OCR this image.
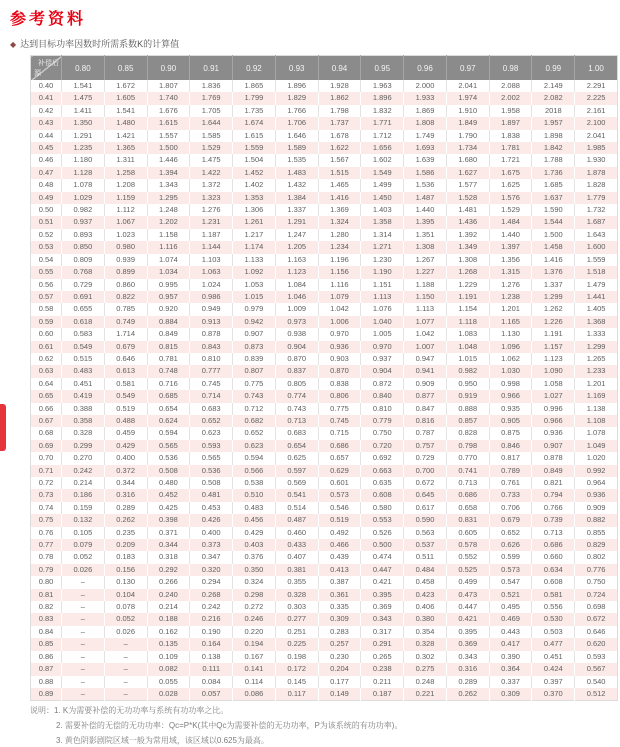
参考资料
◆ 达到目标功率因数时所需系数K的计算值
补偿后
源	0.80	0.85	0.90	0.91	0.92	0.93	0.94	0.95	0.96	0.97	0.98	0.99	1.00
0.40	1.541	1.672	1.807	1.836	1.865	1.896	1.928	1.963	2.000	2.041	2.088	2.149	2.291
0.41	1.475	1.605	1.740	1.769	1.799	1.829	1.862	1.896	1.933	1.974	2.002	2.082	2.225
0.42	1.411	1.541	1.676	1.705	1.735	1.766	1.798	1.832	1.869	1.910	1.958	2018	2.161
0.43	1.350	1.480	1.615	1.644	1.674	1.706	1.737	1.771	1.808	1.849	1.897	1.957	2.100
0.44	1.291	1.421	1.557	1.585	1.615	1.646	1.678	1.712	1.749	1.790	1.838	1.898	2.041
0.45	1.235	1.365	1.500	1.529	1.559	1.589	1.622	1.656	1.693	1.734	1.781	1.842	1.985
0.46	1.180	1.311	1.446	1.475	1.504	1.535	1.567	1.602	1.639	1.680	1.721	1.788	1.930
0.47	1.128	1.258	1.394	1.422	1.452	1.483	1.515	1.549	1.586	1.627	1.675	1.736	1.878
0.48	1.078	1.208	1.343	1.372	1.402	1.432	1.465	1.499	1.536	1.577	1.625	1.685	1.828
0.49	1.029	1.159	1.295	1.323	1.353	1.384	1.416	1.450	1.487	1.528	1.576	1.637	1.779
0.50	0.982	1.112	1.248	1.276	1.306	1.337	1.369	1.403	1.440	1.481	1.529	1.590	1.732
0.51	0.937	1.067	1.202	1.231	1.261	1.291	1.324	1.358	1.395	1.436	1.484	1.544	1.687
0.52	0.893	1.023	1.158	1.187	1.217	1.247	1.280	1.314	1.351	1.392	1.440	1.500	1.643
0.53	0.850	0.980	1.116	1.144	1.174	1.205	1.234	1.271	1.308	1.349	1.397	1.458	1.600
0.54	0.809	0.939	1.074	1.103	1.133	1.163	1.196	1.230	1.267	1.308	1.356	1.416	1.559
0.55	0.768	0.899	1.034	1.063	1.092	1.123	1.156	1.190	1.227	1.268	1.315	1.376	1.518
0.56	0.729	0.860	0.995	1.024	1.053	1.084	1.116	1.151	1.188	1.229	1.276	1.337	1.479
0.57	0.691	0.822	0.957	0.986	1.015	1.046	1.079	1.113	1.150	1.191	1.238	1.299	1.441
0.58	0.655	0.785	0.920	0.949	0.979	1.009	1.042	1.076	1.113	1.154	1.201	1.262	1.405
0.59	0.618	0.749	0.884	0.913	0.942	0.973	1.006	1.040	1.077	1.118	1.165	1.226	1.368
0.60	0.583	1.714	0.849	0.878	0.907	0.938	0.970	1.005	1.042	1.083	1.130	1.191	1.333
0.61	0.549	0.679	0.815	0.843	0.873	0.904	0.936	0.970	1.007	1.048	1.096	1.157	1.299
0.62	0.515	0.646	0.781	0.810	0.839	0.870	0.903	0.937	0.947	1.015	1.062	1.123	1.265
0.63	0.483	0.613	0.748	0.777	0.807	0.837	0.870	0.904	0.941	0.982	1.030	1.090	1.233
0.64	0.451	0.581	0.716	0.745	0.775	0.805	0.838	0.872	0.909	0.950	0.998	1.058	1.201
0.65	0.419	0.549	0.685	0.714	0.743	0.774	0.806	0.840	0.877	0.919	0.966	1.027	1.169
0.66	0.388	0.519	0.654	0.683	0.712	0.743	0.775	0.810	0.847	0.888	0.935	0.996	1.138
0.67	0.358	0.488	0.624	0.652	0.682	0.713	0.745	0.779	0.816	0.857	0.905	0.966	1.108
0.68	0.328	0.459	0.594	0.623	0.652	0.683	0.715	0.750	0.787	0.828	0.875	0.936	1.078
0.69	0.299	0.429	0.565	0.593	0.623	0.654	0.686	0.720	0.757	0.798	0.846	0.907	1.049
0.70	0.270	0.400	0.536	0.565	0.594	0.625	0.657	0.692	0.729	0.770	0.817	0.878	1.020
0.71	0.242	0.372	0.508	0.536	0.566	0.597	0.629	0.663	0.700	0.741	0.789	0.849	0.992
0.72	0.214	0.344	0.480	0.508	0.538	0.569	0.601	0.635	0.672	0.713	0.761	0.821	0.964
0.73	0.186	0.316	0.452	0.481	0.510	0.541	0.573	0.608	0.645	0.686	0.733	0.794	0.936
0.74	0.159	0.289	0.425	0.453	0.483	0.514	0.546	0.580	0.617	0.658	0.706	0.766	0.909
0.75	0.132	0.262	0.398	0.426	0.456	0.487	0.519	0.553	0.590	0.831	0.679	0.739	0.882
0.76	0.105	0.235	0.371	0.400	0.429	0.460	0.492	0.526	0.563	0.605	0.652	0.713	0.855
0.77	0.079	0.209	0.344	0.373	0.403	0.433	0.466	0.500	0.537	0.578	0.626	0.686	0.829
0.78	0.052	0.183	0.318	0.347	0.376	0.407	0.439	0.474	0.511	0.552	0.599	0.660	0.802
0.79	0.026	0.156	0.292	0.320	0.350	0.381	0.413	0.447	0.484	0.525	0.573	0.634	0.776
0.80	–	0.130	0.266	0.294	0.324	0.355	0.387	0.421	0.458	0.499	0.547	0.608	0.750
0.81	–	0.104	0.240	0.268	0.298	0.328	0.361	0.395	0.423	0.473	0.521	0.581	0.724
0.82	–	0.078	0.214	0.242	0.272	0.303	0.335	0.369	0.406	0.447	0.495	0.556	0.698
0.83	–	0.052	0.188	0.216	0.246	0.277	0.309	0.343	0.380	0.421	0.469	0.530	0.672
0.84	–	0.026	0.162	0.190	0.220	0.251	0.283	0.317	0.354	0.395	0.443	0.503	0.646
0.85	–	–	0.135	0.164	0.194	0.225	0.257	0.291	0.328	0.369	0.417	0.477	0.620
0.86	–	–	0.109	0.138	0.167	0.198	0.230	0.265	0.302	0.343	0.390	0.451	0.593
0.87	–	–	0.082	0.111	0.141	0.172	0.204	0.238	0.275	0.316	0.364	0.424	0.567
0.88	–	–	0.055	0.084	0.114	0.145	0.177	0.211	0.248	0.289	0.337	0.397	0.540
0.89	–	–	0.028	0.057	0.086	0.117	0.149	0.187	0.221	0.262	0.309	0.370	0.512
说明：1. K为需要补偿的无功功率与系统有功功率之比。
2. 需要补偿的无偿的无功功率：Qc=P*K(其中Qc为需要补偿的无功功率，P为该系统的有功功率)。
3. 黄色阴影剧院区域一般为常用域，该区域以0.625为最高。
